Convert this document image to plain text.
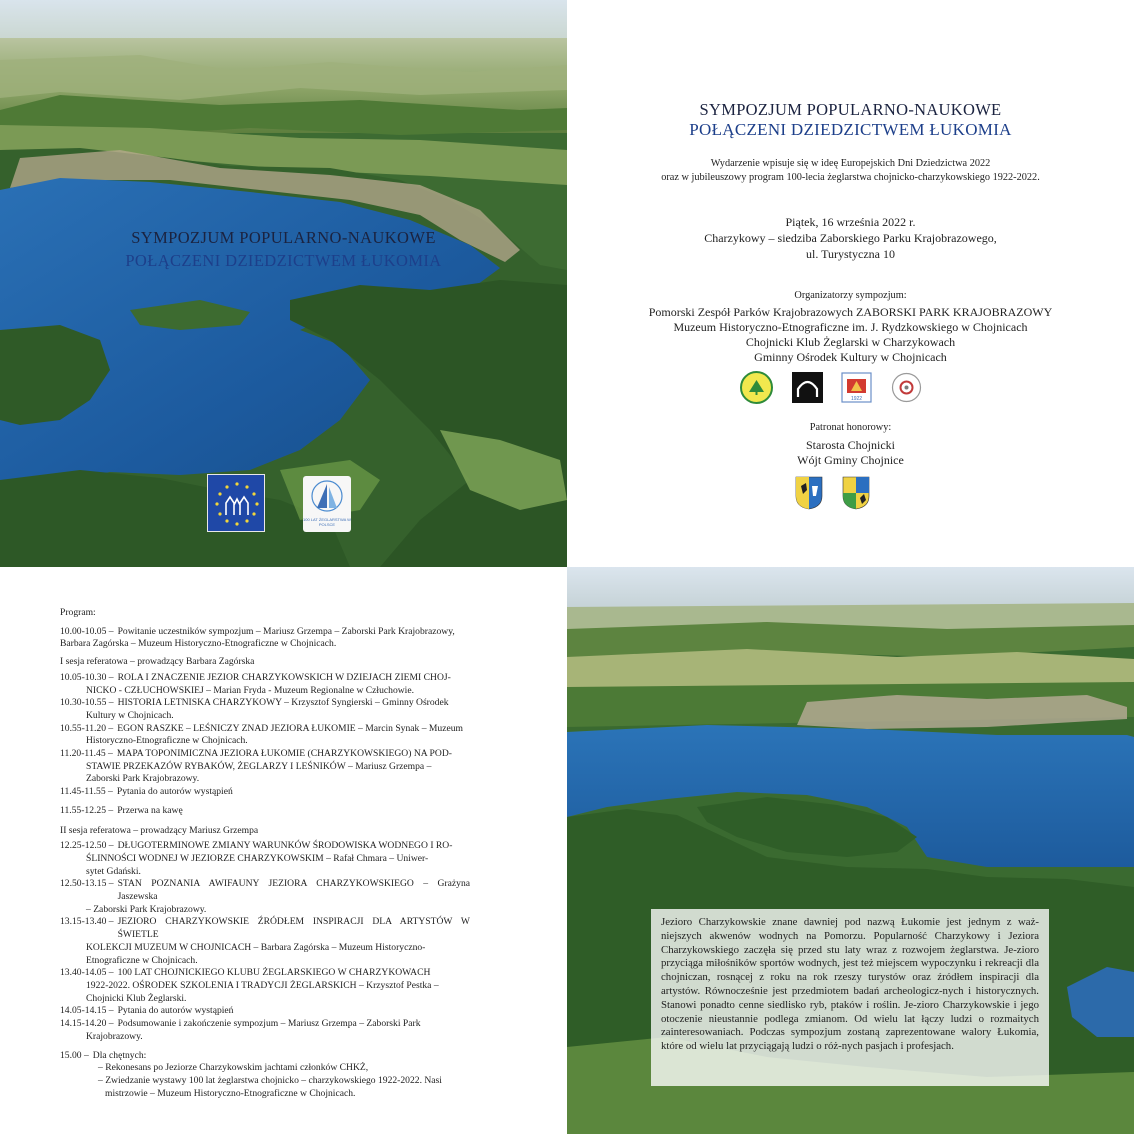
SYMPOZJUM POPULARNO-NAUKOWE
POŁĄCZENI DZIEDZICTWEM ŁUKOMIA
100 LAT ŻEGLARSTWA W POLSCE
SYMPOZJUM POPULARNO-NAUKOWE
POŁĄCZENI DZIEDZICTWEM ŁUKOMIA
Wydarzenie wpisuje się w ideę Europejskich Dni Dziedzictwa 2022
oraz w jubileuszowy program 100-lecia żeglarstwa chojnicko-charzykowskiego 1922-2022.
Piątek, 16 września 2022 r.
Charzykowy – siedziba Zaborskiego Parku Krajobrazowego,
ul. Turystyczna 10
Organizatorzy sympozjum:
Pomorski Zespół Parków Krajobrazowych ZABORSKI PARK KRAJOBRAZOWY
Muzeum Historyczno-Etnograficzne im. J. Rydzkowskiego w Chojnicach
Chojnicki Klub Żeglarski w Charzykowach
Gminny Ośrodek Kultury w Chojnicach
1922
Patronat honorowy:
Starosta Chojnicki
Wójt Gminy Chojnice
Program:
10.00-10.05 – Powitanie uczestników sympozjum – Mariusz Grzempa – Zaborski Park Krajobrazowy,
Barbara Zagórska – Muzeum Historyczno-Etnograficzne w Chojnicach.
I sesja referatowa – prowadzący Barbara Zagórska
10.05-10.30 – ROLA I ZNACZENIE JEZIOR CHARZYKOWSKICH W DZIEJACH ZIEMI CHOJ-
NICKO - CZŁUCHOWSKIEJ – Marian Fryda - Muzeum Regionalne w Człuchowie.
10.30-10.55 – HISTORIA LETNISKA CHARZYKOWY – Krzysztof Syngierski – Gminny Ośrodek
Kultury w Chojnicach.
10.55-11.20 – EGON RASZKE – LEŚNICZY ZNAD JEZIORA ŁUKOMIE – Marcin Synak – Muzeum
Historyczno-Etnograficzne w Chojnicach.
11.20-11.45 – MAPA TOPONIMICZNA JEZIORA ŁUKOMIE (CHARZYKOWSKIEGO) NA POD-
STAWIE PRZEKAZÓW RYBAKÓW, ŻEGLARZY I LEŚNIKÓW – Mariusz Grzempa –
Zaborski Park Krajobrazowy.
11.45-11.55 – Pytania do autorów wystąpień
11.55-12.25 – Przerwa na kawę
II sesja referatowa – prowadzący Mariusz Grzempa
12.25-12.50 – DŁUGOTERMINOWE ZMIANY WARUNKÓW ŚRODOWISKA WODNEGO I RO-
ŚLINNOŚCI WODNEJ W JEZIORZE CHARZYKOWSKIM – Rafał Chmara – Uniwer-
sytet Gdański.
12.50-13.15 – STAN POZNANIA AWIFAUNY JEZIORA CHARZYKOWSKIEGO – Grażyna Jaszewska
– Zaborski Park Krajobrazowy.
13.15-13.40 – JEZIORO CHARZYKOWSKIE ŹRÓDŁEM INSPIRACJI DLA ARTYSTÓW W ŚWIETLE
KOLEKCJI MUZEUM W CHOJNICACH – Barbara Zagórska – Muzeum Historyczno-
Etnograficzne w Chojnicach.
13.40-14.05 – 100 LAT CHOJNICKIEGO KLUBU ŻEGLARSKIEGO W CHARZYKOWACH
1922-2022. OŚRODEK SZKOLENIA I TRADYCJI ŻEGLARSKICH – Krzysztof Pestka –
Chojnicki Klub Żeglarski.
14.05-14.15 – Pytania do autorów wystąpień
14.15-14.20 – Podsumowanie i zakończenie sympozjum – Mariusz Grzempa – Zaborski Park
Krajobrazowy.
15.00 – Dla chętnych:
– Rekonesans po Jeziorze Charzykowskim jachtami członków CHKŻ,
– Zwiedzanie wystawy 100 lat żeglarstwa chojnicko – charzykowskiego 1922-2022. Nasi
mistrzowie – Muzeum Historyczno-Etnograficzne w Chojnicach.

Jezioro Charzykowskie znane dawniej pod nazwą Łukomie jest jednym z waż-niejszych akwenów wodnych na Pomorzu. Popularność Charzykowy i Jeziora Charzykowskiego zaczęła się przed stu laty wraz z rozwojem żeglarstwa. Je-zioro przyciąga miłośników sportów wodnych, jest też miejscem wypoczynku i rekreacji dla chojniczan, rosnącej z roku na rok rzeszy turystów oraz źródłem inspiracji dla artystów. Równocześnie jest przedmiotem badań archeologicz-nych i historycznych. Stanowi ponadto cenne siedlisko ryb, ptaków i roślin. Je-zioro Charzykowskie i jego otoczenie nieustannie podlega zmianom. Od wielu lat łączy ludzi o rozmaitych zainteresowaniach. Podczas sympozjum zostaną zaprezentowane walory Łukomia, które od wielu lat przyciągają ludzi o róż-nych pasjach i profesjach.
